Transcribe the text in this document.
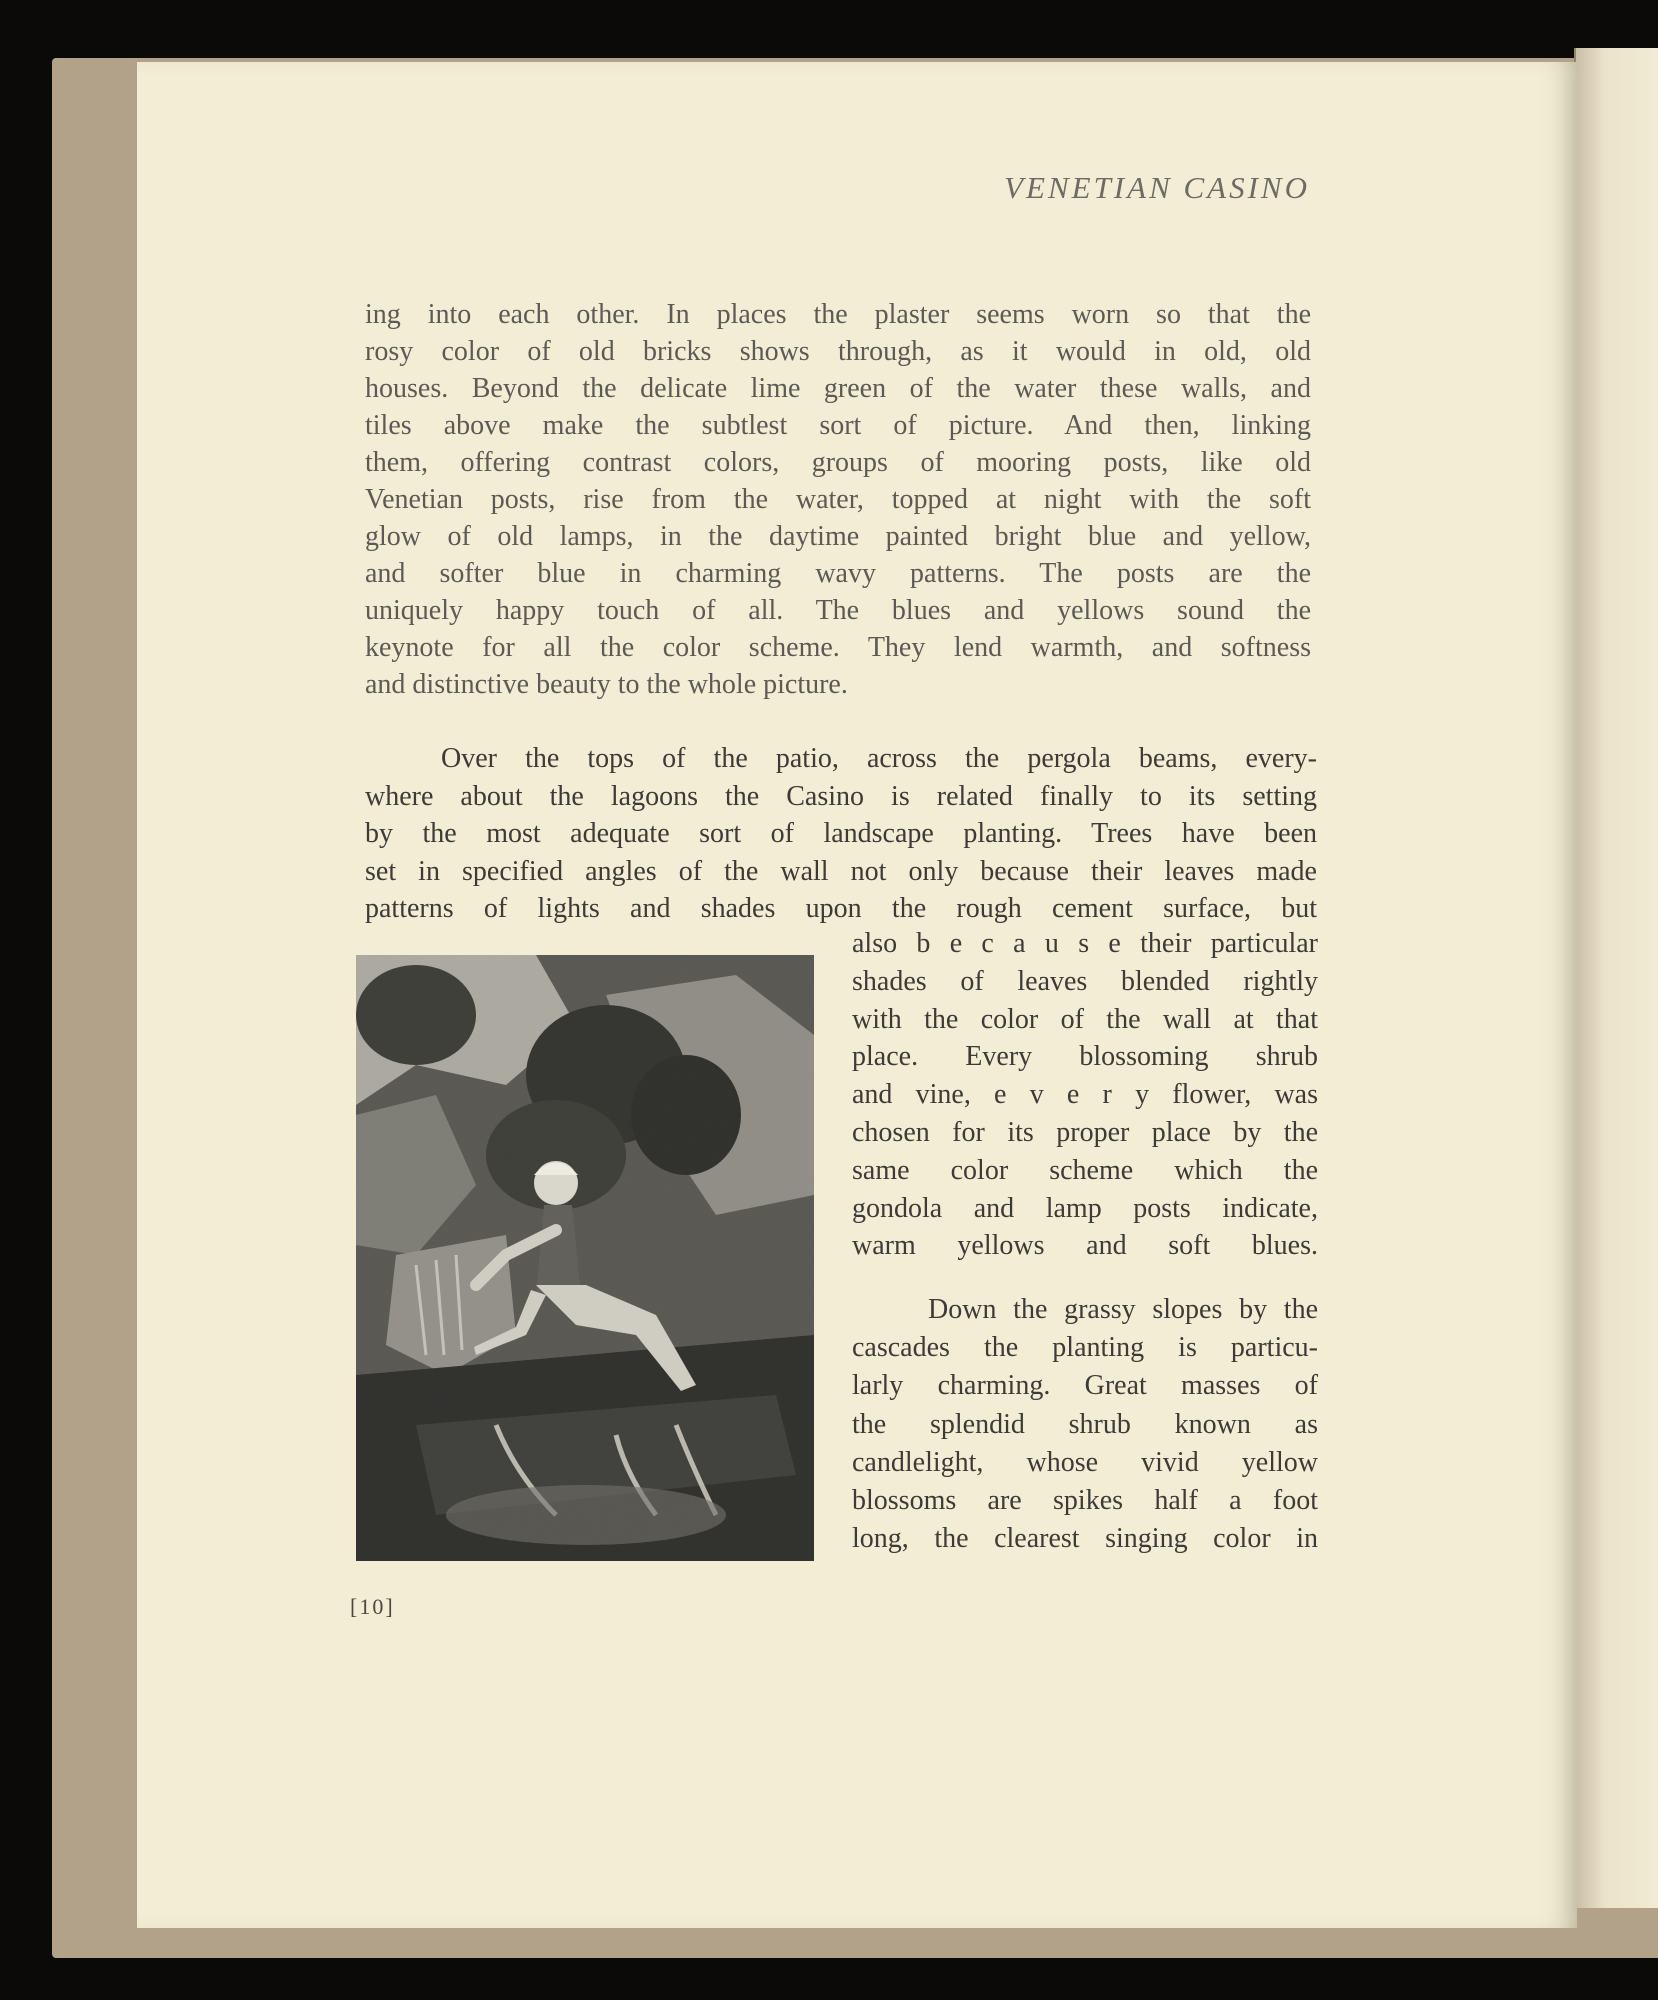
VENETIAN CASINO
ing into each other. In places the plaster seems worn so that the
rosy color of old bricks shows through, as it would in old, old
houses. Beyond the delicate lime green of the water these walls, and
tiles above make the subtlest sort of picture. And then, linking
them, offering contrast colors, groups of mooring posts, like old
Venetian posts, rise from the water, topped at night with the soft
glow of old lamps, in the daytime painted bright blue and yellow,
and softer blue in charming wavy patterns. The posts are the
uniquely happy touch of all. The blues and yellows sound the
keynote for all the color scheme. They lend warmth, and softness
and distinctive beauty to the whole picture.
Over the tops of the patio, across the pergola beams, every-
where about the lagoons the Casino is related finally to its setting
by the most adequate sort of landscape planting. Trees have been
set in specified angles of the wall not only because their leaves made
patterns of lights and shades upon the rough cement surface, but
also b e c a u s e their particular
shades of leaves blended rightly
with the color of the wall at that
place. Every blossoming shrub
and vine, e v e r y flower, was
chosen for its proper place by the
same color scheme which the
gondola and lamp posts indicate,
warm yellows and soft blues.
Down the grassy slopes by the
cascades the planting is particu-
larly charming. Great masses of
the splendid shrub known as
candlelight, whose vivid yellow
blossoms are spikes half a foot
long, the clearest singing color in
[10]
